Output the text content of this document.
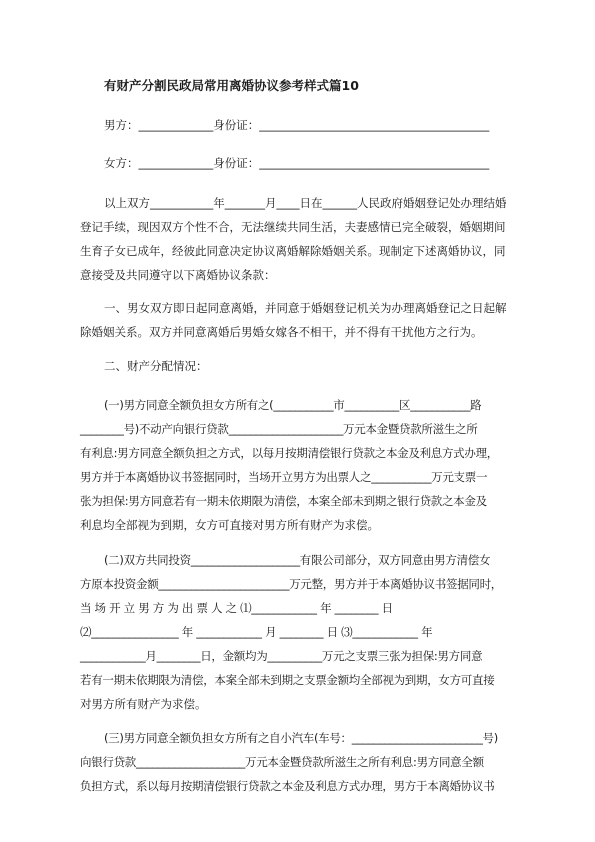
有财产分割民政局常用离婚协议参考样式篇10
男方：_____________身份证：________________________________________
女方：_____________身份证：________________________________________
以上双方___________年_______月____日在______人民政府婚姻登记处办理结婚
登记手续，现因双方个性不合，无法继续共同生活，夫妻感情已完全破裂，婚姻期间
生育子女已成年，经彼此同意决定协议离婚解除婚姻关系。现制定下述离婚协议，同
意接受及共同遵守以下离婚协议条款：
一、男女双方即日起同意离婚，并同意于婚姻登记机关为办理离婚登记之日起解
除婚姻关系。双方并同意离婚后男婚女嫁各不相干，并不得有干扰他方之行为。
二、财产分配情况：
(一)男方同意全额负担女方所有之(___________市__________区___________路
________号)不动产向银行贷款_____________________万元本金暨贷款所滋生之所
有利息:男方同意全额负担之方式，以每月按期清偿银行贷款之本金及利息方式办理，
男方并于本离婚协议书签据同时，当场开立男方为出票人之___________万元支票一
张为担保:男方同意若有一期未依期限为清偿，本案全部未到期之银行贷款之本金及
利息均全部视为到期，女方可直接对男方所有财产为求偿。
(二)双方共同投资____________________有限公司部分，双方同意由男方清偿女
方原本投资金额________________________万元整，男方并于本离婚协议书签据同时，
当 场 开 立 男 方 为 出 票 人 之 ⑴____________ 年 ________ 日
⑵________________ 年 ____________ 月 ________ 日 ⑶____________ 年
____________月________日，金额均为__________万元之支票三张为担保:男方同意
若有一期未依期限为清偿，本案全部未到期之支票金额均全部视为到期，女方可直接
对男方所有财产为求偿。
(三)男方同意全额负担女方所有之自小汽车(车号：________________________号)
向银行贷款____________________万元本金暨贷款所滋生之所有利息:男方同意全额
负担方式，系以每月按期清偿银行贷款之本金及利息方式办理，男方于本离婚协议书
